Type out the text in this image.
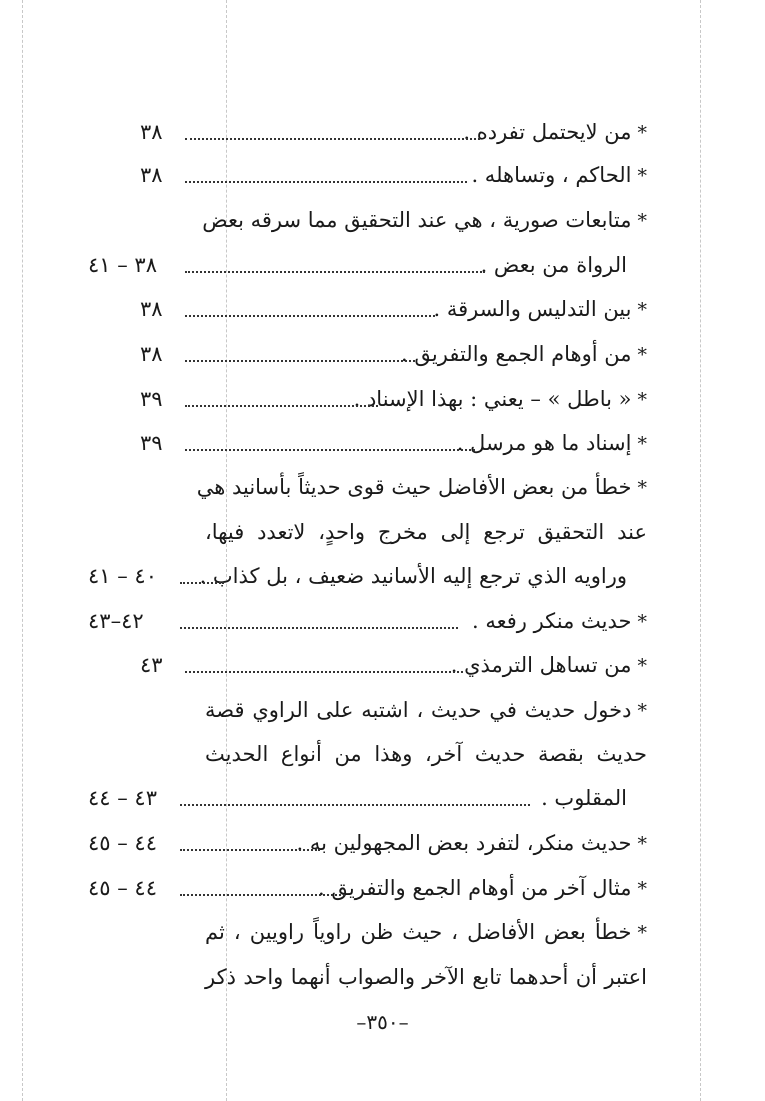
*من لايحتمل تفرده .
٣٨
*الحاكم ، وتساهله .
٣٨
*متابعات صورية ، هي عند التحقيق مما سرقه بعض
الرواة من بعض .
٣٨ – ٤١
*بين التدليس والسرقة .
٣٨
*من أوهام الجمع والتفريق .
٣٨
*« باطل » – يعني : بهذا الإسناد .
٣٩
*إسناد ما هو مرسل .
٣٩
*خطأ من بعض الأفاضل حيث قوى حديثاً بأسانيد هي
عند التحقيق ترجع إلى مخرج واحدٍ، لاتعدد فيها،
وراويه الذي ترجع إليه الأسانيد ضعيف ، بل كذاب .
٤٠ – ٤١
*حديث منكر رفعه .
٤٢–٤٣
*من تساهل الترمذي .
٤٣
*دخول حديث في حديث ، اشتبه على الراوي قصة
حديث بقصة حديث آخر، وهذا من أنواع الحديث
المقلوب .
٤٣ – ٤٤
*حديث منكر، لتفرد بعض المجهولين به .
٤٤ – ٤٥
*مثال آخر من أوهام الجمع والتفريق .
٤٤ – ٤٥
*خطأ بعض الأفاضل ، حيث ظن راوياً راويين ، ثم
اعتبر أن أحدهما تابع الآخر والصواب أنهما واحد ذكر
–٣٥٠–
